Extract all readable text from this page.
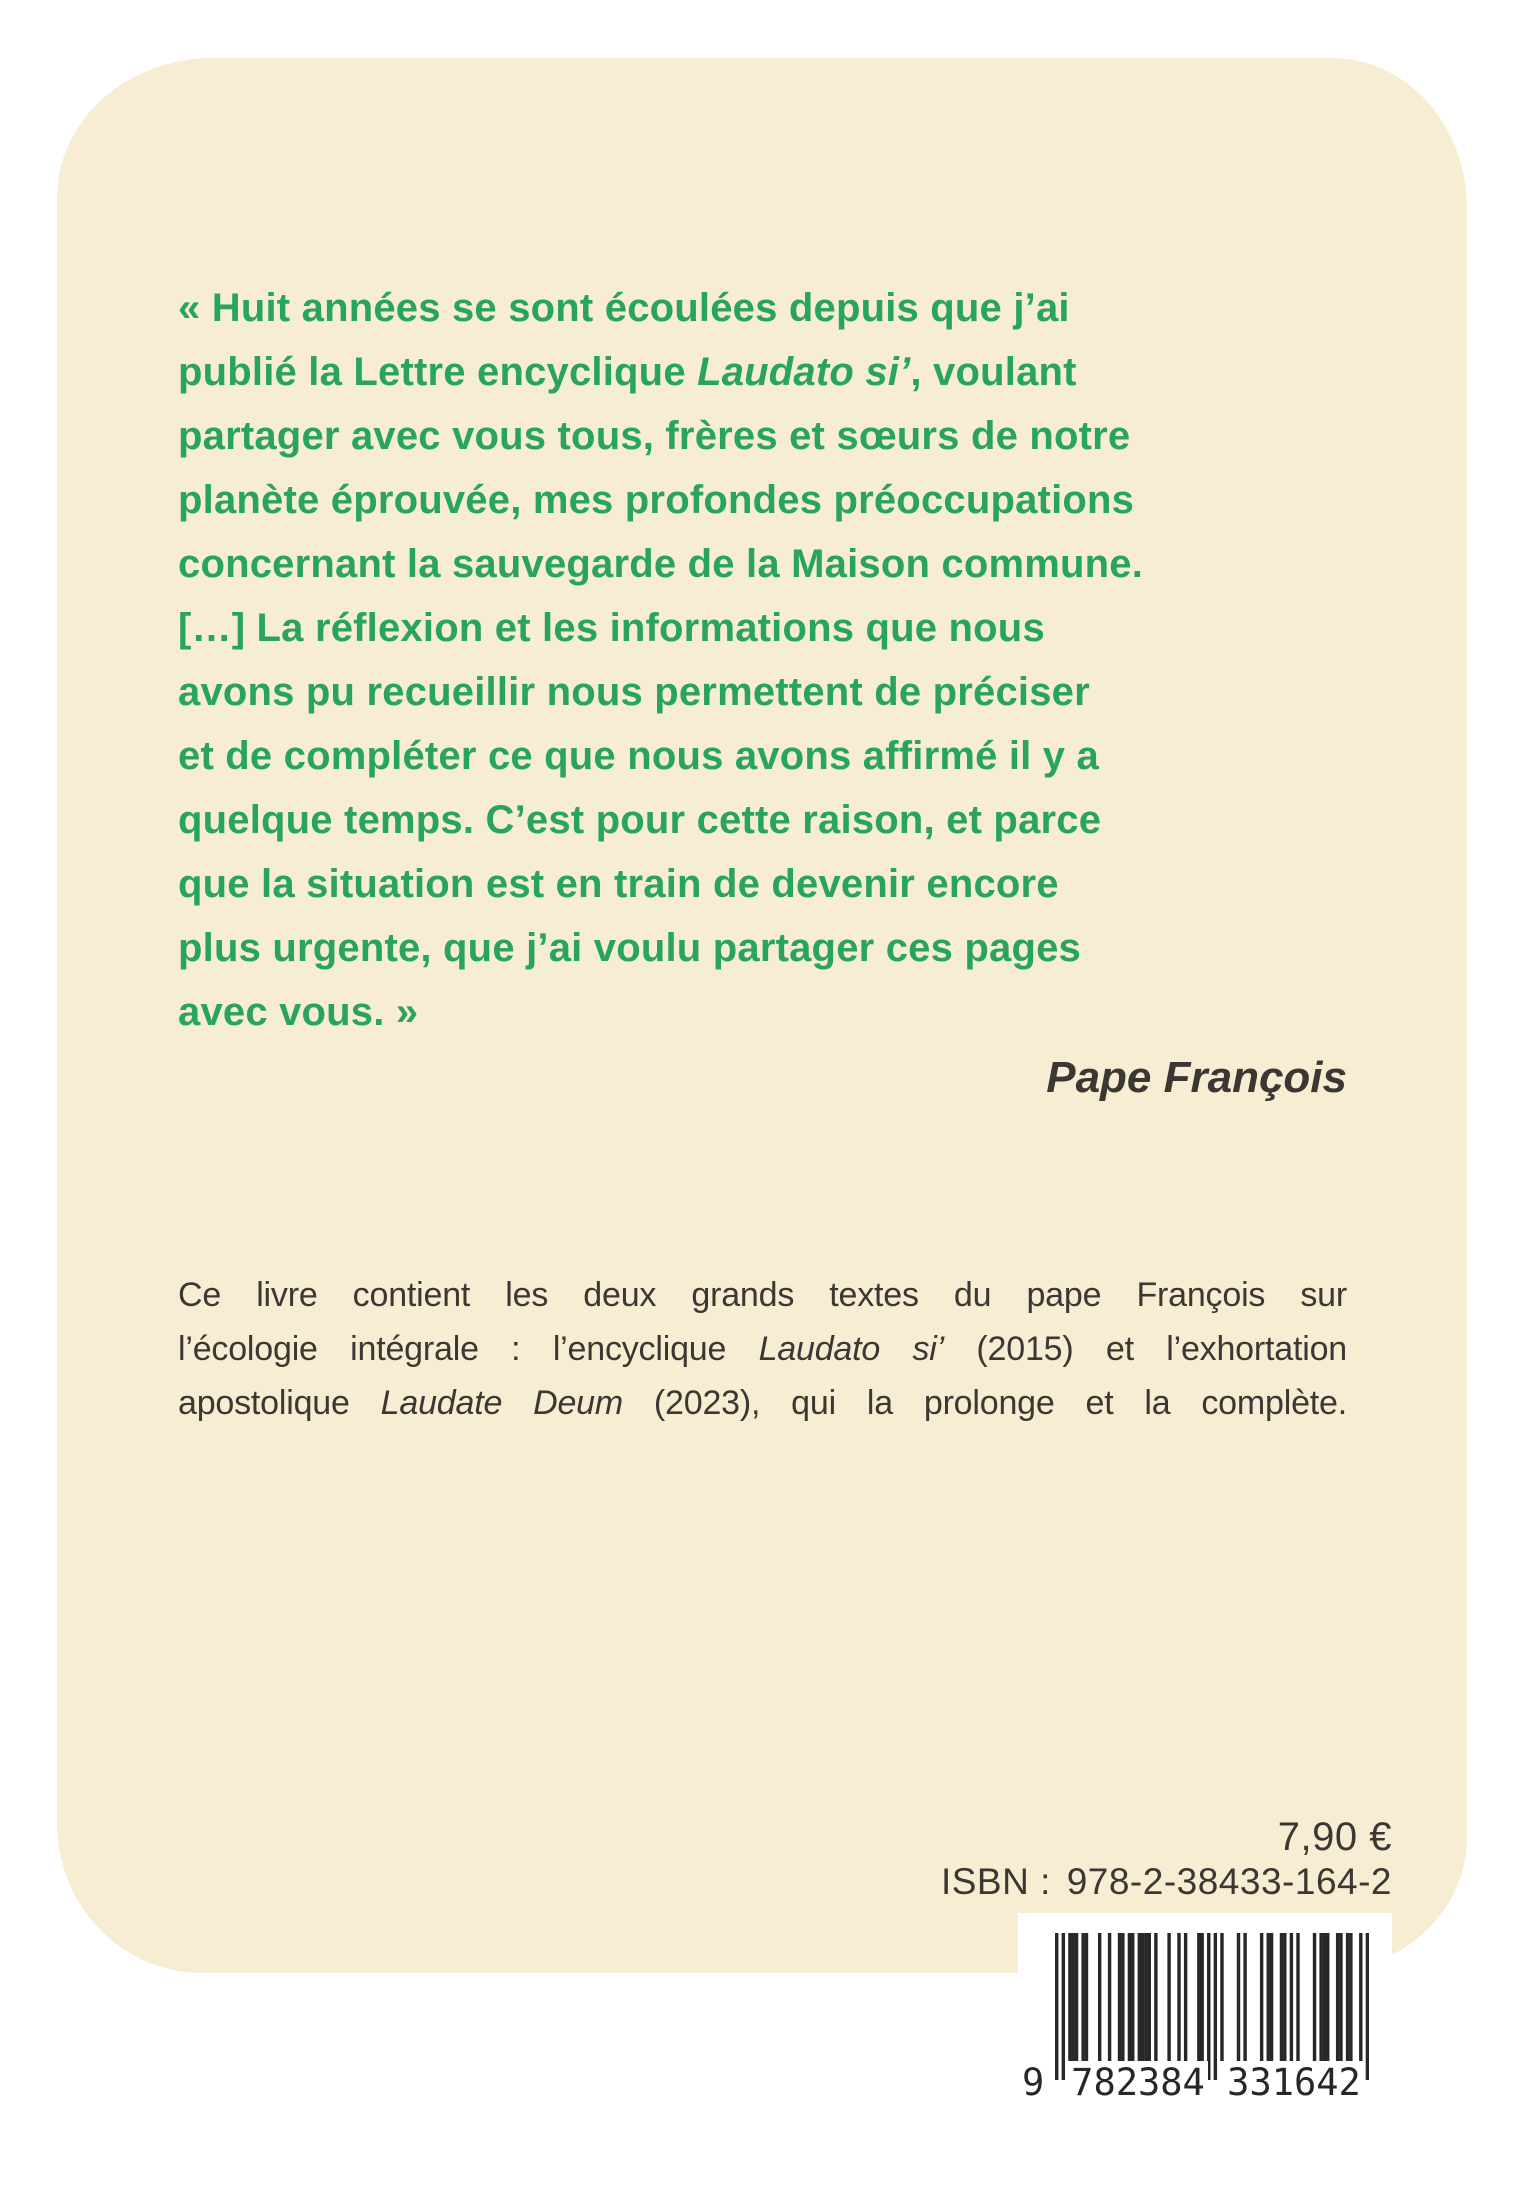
« Huit années se sont écoulées depuis que j’ai
publié la Lettre encyclique Laudato si’, voulant
partager avec vous tous, frères et sœurs de notre
planète éprouvée, mes profondes préoccupations
concernant la sauvegarde de la Maison commune.
[…] La réflexion et les informations que nous
avons pu recueillir nous permettent de préciser
et de compléter ce que nous avons affirmé il y a
quelque temps. C’est pour cette raison, et parce
que la situation est en train de devenir encore
plus urgente, que j’ai voulu partager ces pages
avec vous. »
Pape François
Ce livre contient les deux grands textes du pape François sur
l’écologie intégrale : l’encyclique Laudato si’ (2015) et l’exhortation
apostolique Laudate Deum (2023), qui la prolonge et la complète.
7,90 €
ISBN :   978-2-38433-164-2
9 782384 331642
